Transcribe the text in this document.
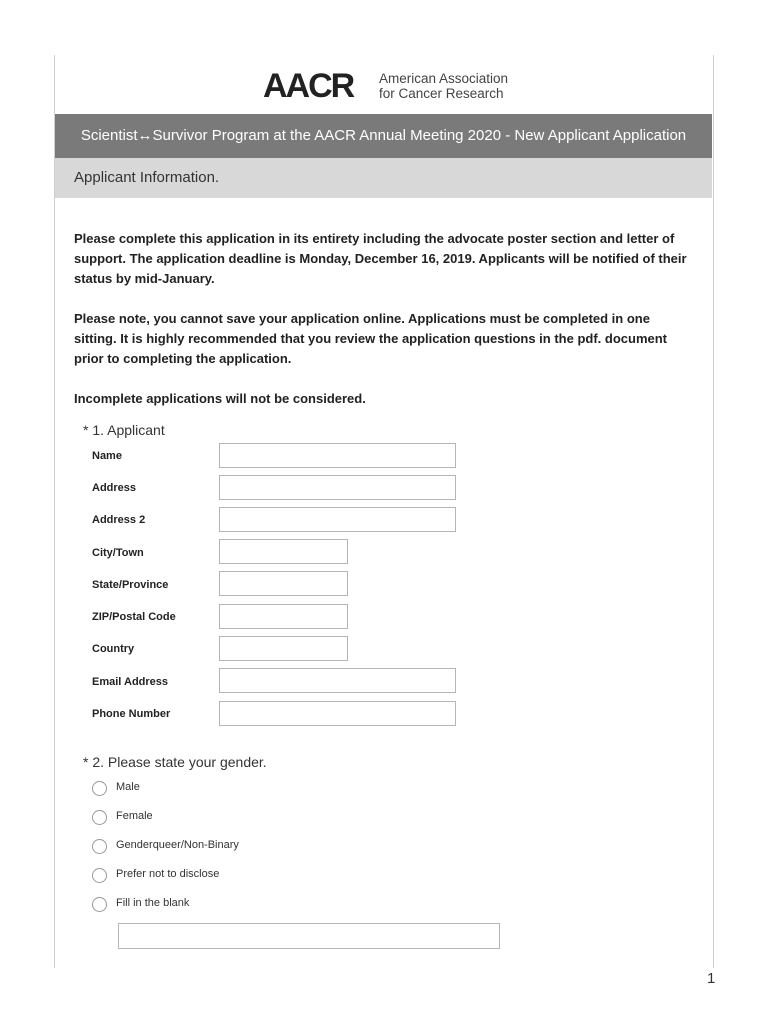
AACR American Association
for Cancer Research
Scientist↔Survivor Program at the AACR Annual Meeting 2020 - New Applicant Application
Applicant Information.

Please complete this application in its entirety including the advocate poster section and letter of support. The application deadline is Monday, December 16, 2019. Applicants will be notified of their status by mid-January.

Please note, you cannot save your application online. Applications must be completed in one sitting. It is highly recommended that you review the application questions in the pdf. document prior to completing the application.

Incomplete applications will not be considered.

* 1. Applicant
Name
Address
Address 2
City/Town
State/Province
ZIP/Postal Code
Country
Email Address
Phone Number
* 2. Please state your gender.
Male
Female
Genderqueer/Non-Binary
Prefer not to disclose
Fill in the blank
1
